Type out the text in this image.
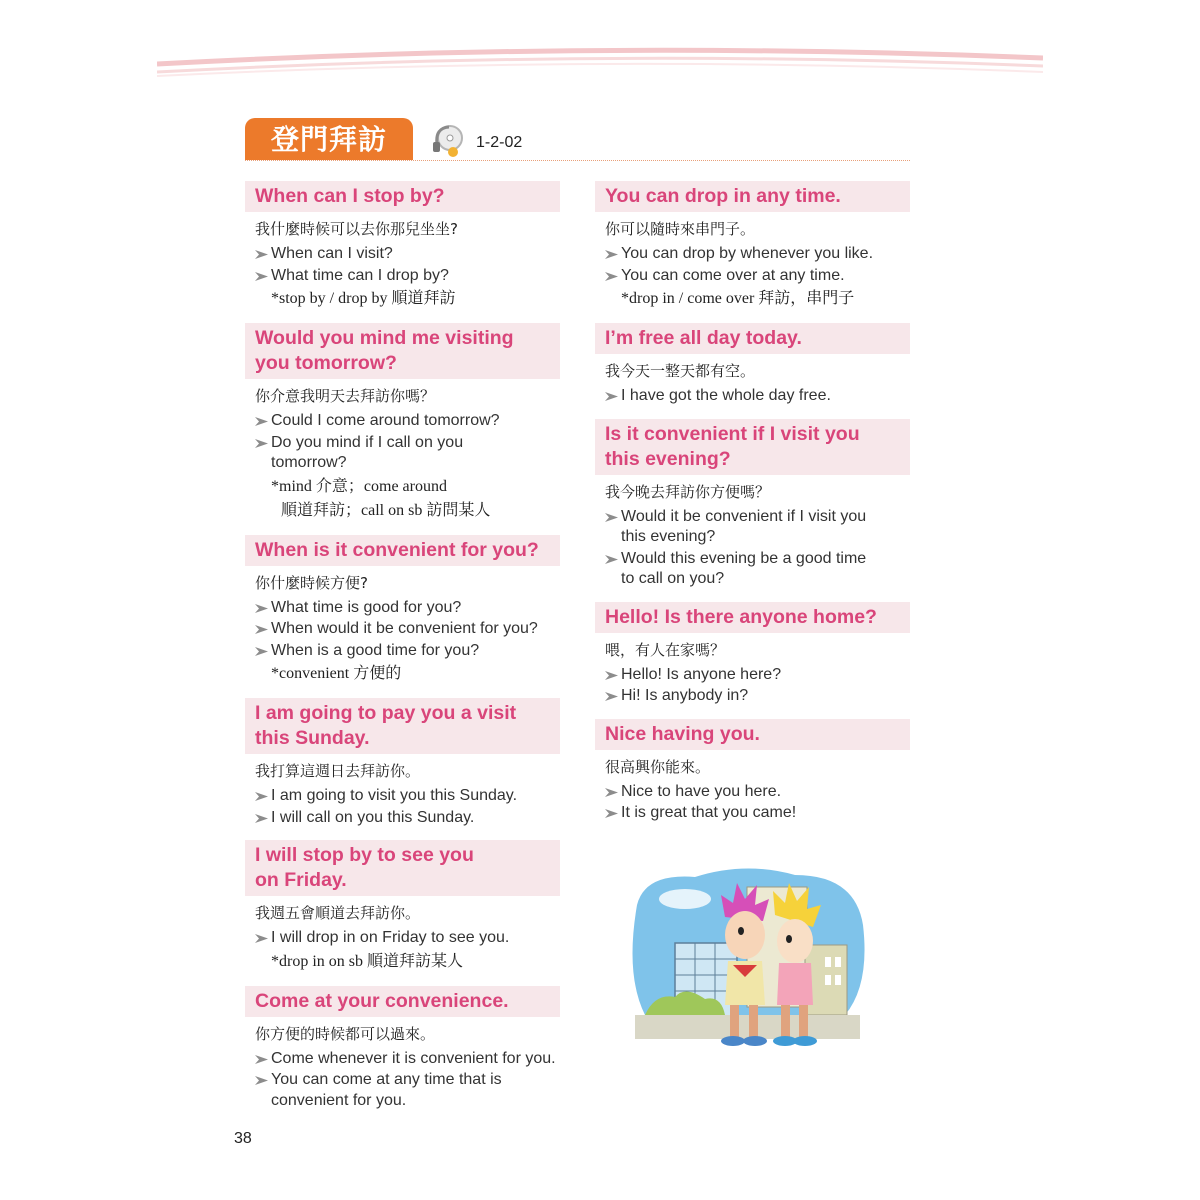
登門拜訪	1-2-02
When can I stop by?
我什麼時候可以去你那兒坐坐?
When can I visit?
What time can I drop by?
*stop by / drop by 順道拜訪
Would you mind me visiting
you tomorrow?
你介意我明天去拜訪你嗎？
Could I come around tomorrow?
Do you mind if I call on you
tomorrow?
*mind 介意；come around
順道拜訪；call on sb 訪問某人
When is it convenient for you?
你什麼時候方便?
What time is good for you?
When would it be convenient for you?
When is a good time for you?
*convenient 方便的
I am going to pay you a visit
this Sunday.
我打算這週日去拜訪你。
I am going to visit you this Sunday.
I will call on you this Sunday.
I will stop by to see you
on Friday.
我週五會順道去拜訪你。
I will drop in on Friday to see you.
*drop in on sb 順道拜訪某人
Come at your convenience.
你方便的時候都可以過來。
Come whenever it is convenient for you.
You can come at any time that is
convenient for you.
You can drop in any time.
你可以隨時來串門子。
You can drop by whenever you like.
You can come over at any time.
*drop in / come over 拜訪，串門子
I’m free all day today.
我今天一整天都有空。
I have got the whole day free.
Is it convenient if I visit you
this evening?
我今晚去拜訪你方便嗎？
Would it be convenient if I visit you
this evening?
Would this evening be a good time
to call on you?
Hello! Is there anyone home?
喂，有人在家嗎？
Hello! Is anyone here?
Hi! Is anybody in?
Nice having you.
很高興你能來。
Nice to have you here.
It is great that you came!
38
